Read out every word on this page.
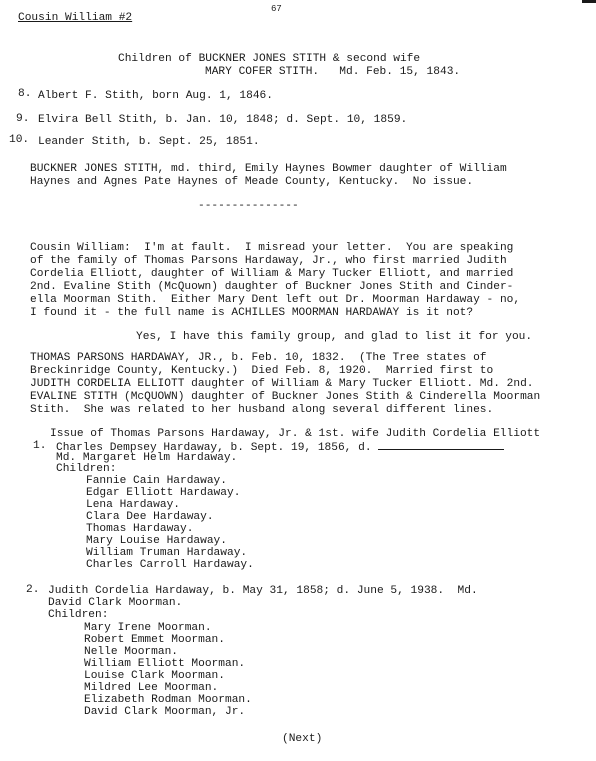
Cousin William #2
67
Children of BUCKNER JONES STITH & second wife
MARY COFER STITH.   Md. Feb. 15, 1843.
8. Albert F. Stith, born Aug. 1, 1846.
9. Elvira Bell Stith, b. Jan. 10, 1848; d. Sept. 10, 1859.
10. Leander Stith, b. Sept. 25, 1851.
BUCKNER JONES STITH, md. third, Emily Haynes Bowmer daughter of William
Haynes and Agnes Pate Haynes of Meade County, Kentucky.  No issue.
---------------
Cousin William:  I'm at fault.  I misread your letter.  You are speaking
of the family of Thomas Parsons Hardaway, Jr., who first married Judith
Cordelia Elliott, daughter of William & Mary Tucker Elliott, and married
2nd. Evaline Stith (McQuown) daughter of Buckner Jones Stith and Cinder-
ella Moorman Stith.  Either Mary Dent left out Dr. Moorman Hardaway - no,
I found it - the full name is ACHILLES MOORMAN HARDAWAY is it not?
Yes, I have this family group, and glad to list it for you.
THOMAS PARSONS HARDAWAY, JR., b. Feb. 10, 1832.  (The Tree states of
Breckinridge County, Kentucky.)  Died Feb. 8, 1920.  Married first to
JUDITH CORDELIA ELLIOTT daughter of William & Mary Tucker Elliott. Md. 2nd.
EVALINE STITH (McQUOWN) daughter of Buckner Jones Stith & Cinderella Moorman
Stith.  She was related to her husband along several different lines.
Issue of Thomas Parsons Hardaway, Jr. & 1st. wife Judith Cordelia Elliott
1. Charles Dempsey Hardaway, b. Sept. 19, 1856, d.
Md. Margaret Helm Hardaway.
Children:
Fannie Cain Hardaway.
Edgar Elliott Hardaway.
Lena Hardaway.
Clara Dee Hardaway.
Thomas Hardaway.
Mary Louise Hardaway.
William Truman Hardaway.
Charles Carroll Hardaway.
2. Judith Cordelia Hardaway, b. May 31, 1858; d. June 5, 1938.  Md.
David Clark Moorman.
Children:
Mary Irene Moorman.
Robert Emmet Moorman.
Nelle Moorman.
William Elliott Moorman.
Louise Clark Moorman.
Mildred Lee Moorman.
Elizabeth Rodman Moorman.
David Clark Moorman, Jr.
(Next)
